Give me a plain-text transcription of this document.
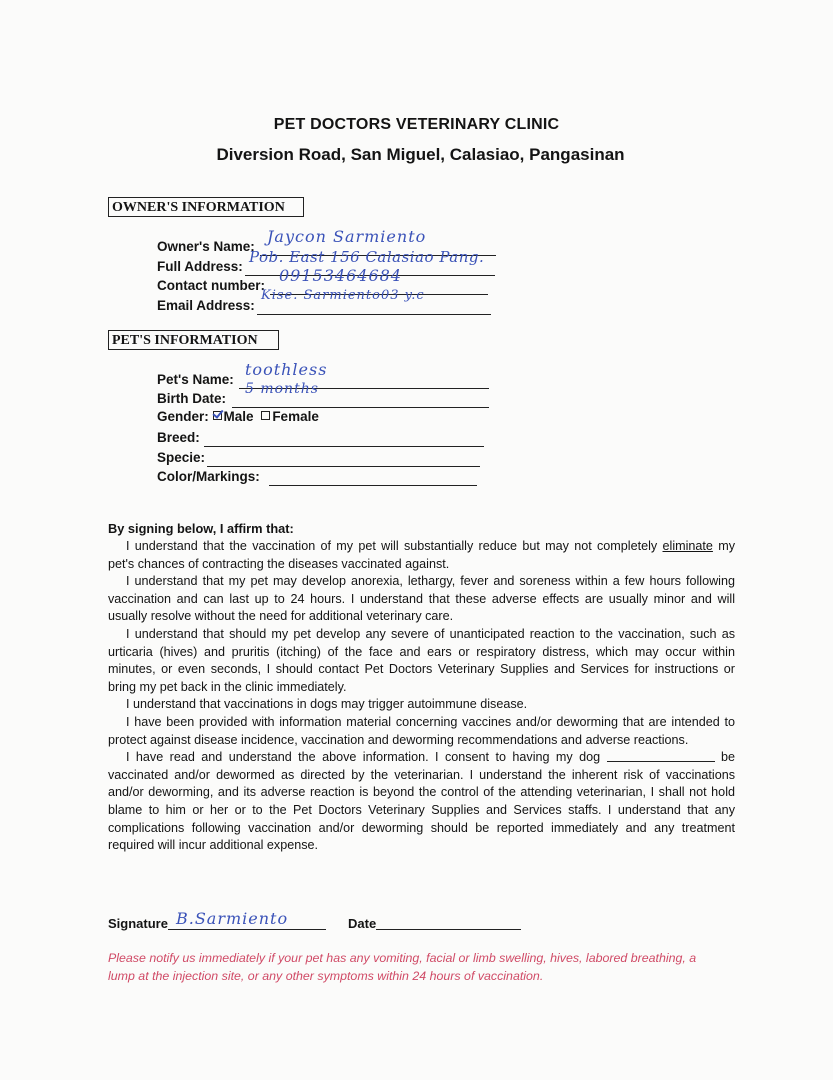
PET DOCTORS VETERINARY CLINIC
Diversion Road, San Miguel, Calasiao, Pangasinan
OWNER'S INFORMATION
Owner's Name:
Jaycon Sarmiento
Full Address:
Pob. East 156 Calasiao Pang.
Contact number:
09153464684
Email Address:
Kise. Sarmiento03 y.c
PET'S INFORMATION
Pet's Name:
toothless
Birth Date:
5 months
Gender: Male Female
Breed:
Specie:
Color/Markings:
By signing below, I affirm that:

I understand that the vaccination of my pet will substantially reduce but may not completely eliminate my pet's chances of contracting the diseases vaccinated against.

I understand that my pet may develop anorexia, lethargy, fever and soreness within a few hours following vaccination and can last up to 24 hours. I understand that these adverse effects are usually minor and will usually resolve without the need for additional veterinary care.

I understand that should my pet develop any severe of unanticipated reaction to the vaccination, such as urticaria (hives) and pruritis (itching) of the face and ears or respiratory distress, which may occur within minutes, or even seconds, I should contact Pet Doctors Veterinary Supplies and Services for instructions or bring my pet back in the clinic immediately.

I understand that vaccinations in dogs may trigger autoimmune disease.

I have been provided with information material concerning vaccines and/or deworming that are intended to protect against disease incidence, vaccination and deworming recommendations and adverse reactions.

I have read and understand the above information. I consent to having my dog	be vaccinated and/or dewormed as directed by the veterinarian. I understand the inherent risk of vaccinations and/or deworming, and its adverse reaction is beyond the control of the attending veterinarian, I shall not hold blame to him or her or to the Pet Doctors Veterinary Supplies and Services staffs. I understand that any complications following vaccination and/or deworming should be reported immediately and any treatment required will incur additional expense.

Signature B.Sarmiento	Date
Please notify us immediately if your pet has any vomiting, facial or limb swelling, hives, labored breathing, a lump at the injection site, or any other symptoms within 24 hours of vaccination.
